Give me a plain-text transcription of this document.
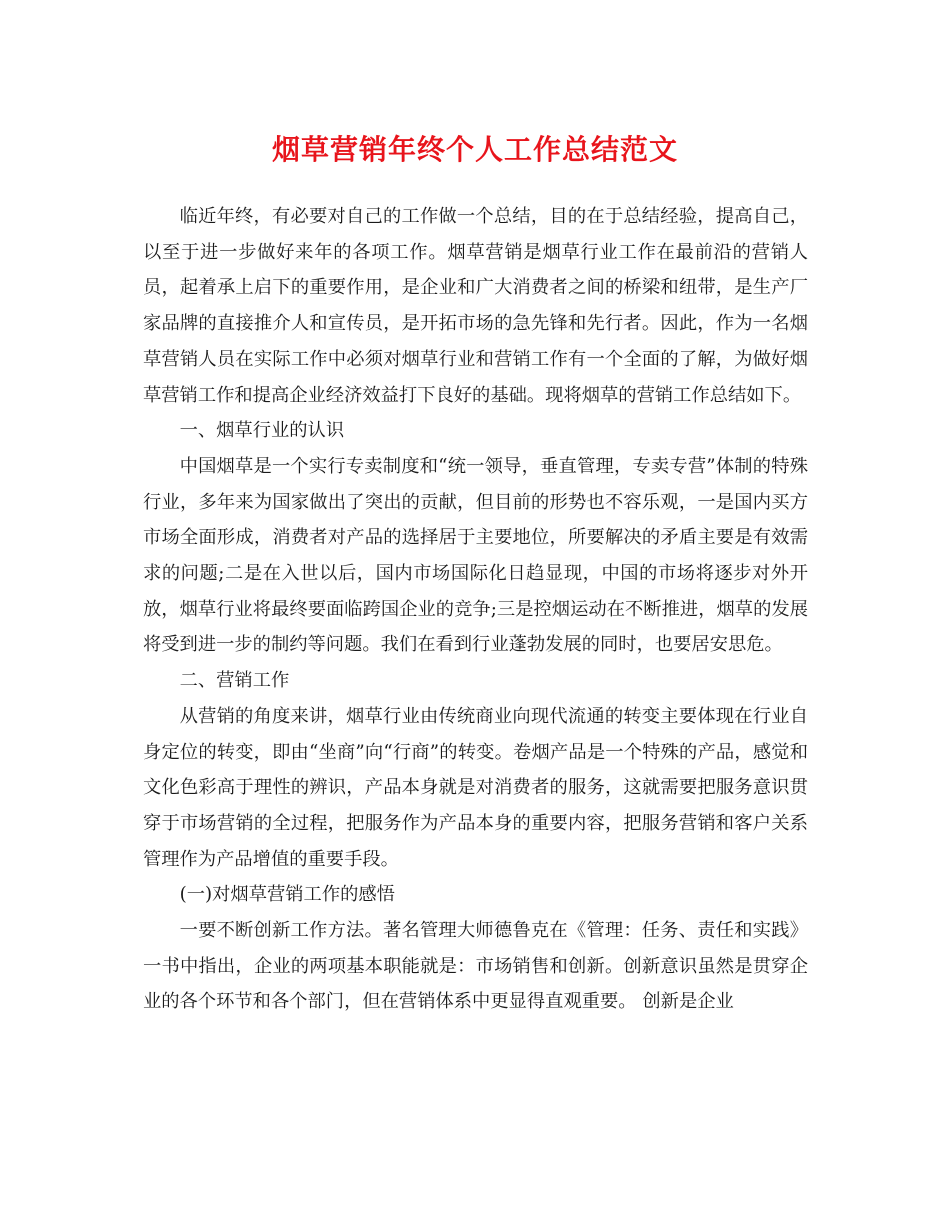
烟草营销年终个人工作总结范文

临近年终，有必要对自己的工作做一个总结，目的在于总结经验，提高自己，以至于进一步做好来年的各项工作。烟草营销是烟草行业工作在最前沿的营销人员，起着承上启下的重要作用，是企业和广大消费者之间的桥梁和纽带，是生产厂家品牌的直接推介人和宣传员，是开拓市场的急先锋和先行者。因此，作为一名烟草营销人员在实际工作中必须对烟草行业和营销工作有一个全面的了解，为做好烟草营销工作和提高企业经济效益打下良好的基础。现将烟草的营销工作总结如下。

一、烟草行业的认识

中国烟草是一个实行专卖制度和“统一领导，垂直管理，专卖专营”体制的特殊行业，多年来为国家做出了突出的贡献，但目前的形势也不容乐观，一是国内买方市场全面形成，消费者对产品的选择居于主要地位，所要解决的矛盾主要是有效需求的问题;二是在入世以后，国内市场国际化日趋显现，中国的市场将逐步对外开放，烟草行业将最终要面临跨国企业的竞争;三是控烟运动在不断推进，烟草的发展将受到进一步的制约等问题。我们在看到行业蓬勃发展的同时，也要居安思危。

二、营销工作

从营销的角度来讲，烟草行业由传统商业向现代流通的转变主要体现在行业自身定位的转变，即由“坐商”向“行商”的转变。卷烟产品是一个特殊的产品，感觉和文化色彩高于理性的辨识，产品本身就是对消费者的服务，这就需要把服务意识贯穿于市场营销的全过程，把服务作为产品本身的重要内容，把服务营销和客户关系管理作为产品增值的重要手段。

(一)对烟草营销工作的感悟

一要不断创新工作方法。著名管理大师德鲁克在《管理：任务、责任和实践》一书中指出，企业的两项基本职能就是：市场销售和创新。创新意识虽然是贯穿企业的各个环节和各个部门，但在营销体系中更显得直观重要。 创新是企业
